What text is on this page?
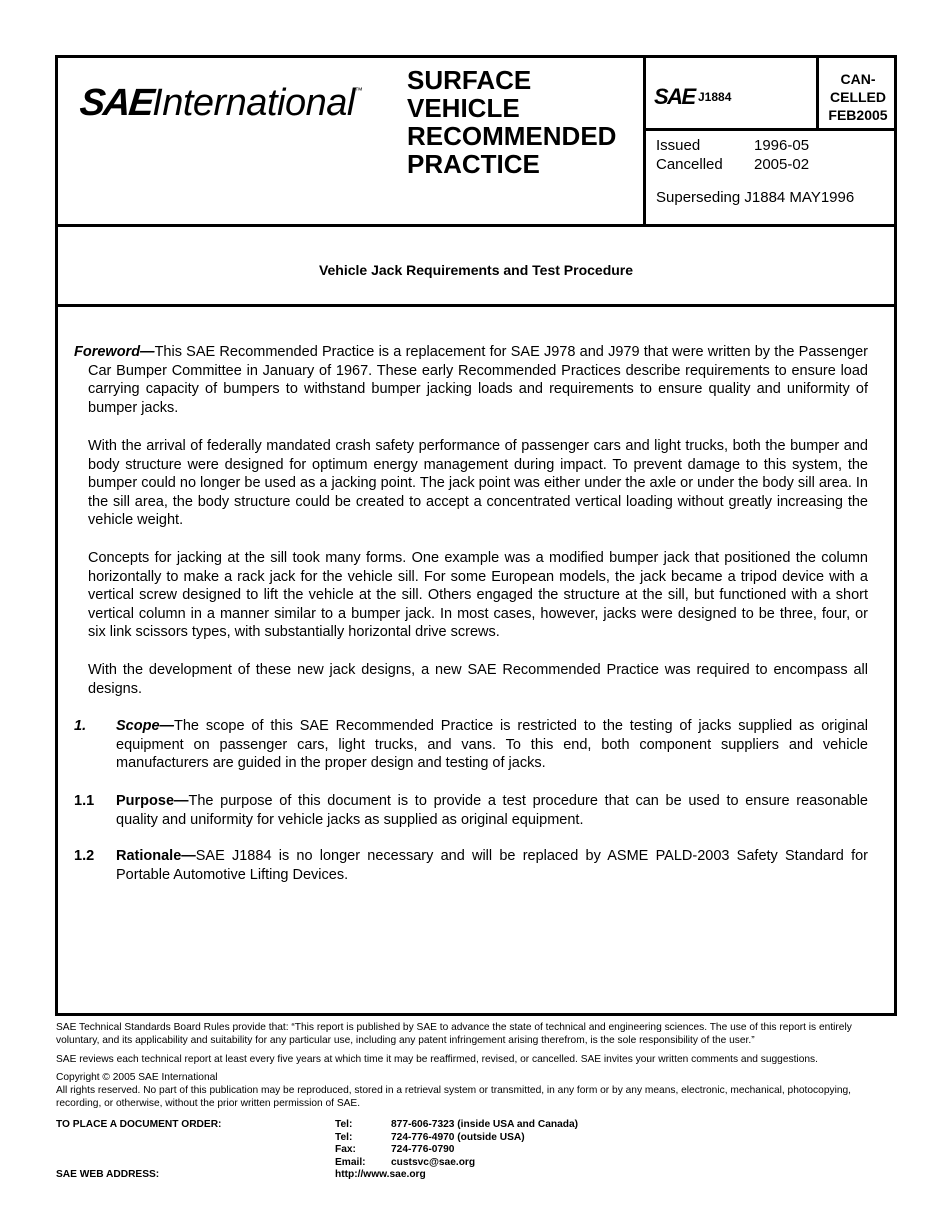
SAEInternational™ SURFACE
VEHICLE
RECOMMENDED
PRACTICE
SAE J1884
CAN-
CELLED
FEB2005
Issued	1996-05
Cancelled 2005-02
Superseding J1884 MAY1996
Vehicle Jack Requirements and Test Procedure
Foreword—This SAE Recommended Practice is a replacement for SAE J978 and J979 that were written by the Passenger Car Bumper Committee in January of 1967. These early Recommended Practices describe requirements to ensure load carrying capacity of bumpers to withstand bumper jacking loads and requirements to ensure quality and uniformity of bumper jacks.
With the arrival of federally mandated crash safety performance of passenger cars and light trucks, both the bumper and body structure were designed for optimum energy management during impact. To prevent damage to this system, the bumper could no longer be used as a jacking point. The jack point was either under the axle or under the body sill area. In the sill area, the body structure could be created to accept a concentrated vertical loading without greatly increasing the vehicle weight.
Concepts for jacking at the sill took many forms. One example was a modified bumper jack that positioned the column horizontally to make a rack jack for the vehicle sill. For some European models, the jack became a tripod device with a vertical screw designed to lift the vehicle at the sill. Others engaged the structure at the sill, but functioned with a short vertical column in a manner similar to a bumper jack. In most cases, however, jacks were designed to be three, four, or six link scissors types, with substantially horizontal drive screws.
With the development of these new jack designs, a new SAE Recommended Practice was required to encompass all designs.
1. Scope—The scope of this SAE Recommended Practice is restricted to the testing of jacks supplied as original equipment on passenger cars, light trucks, and vans. To this end, both component suppliers and vehicle manufacturers are guided in the proper design and testing of jacks.
1.1 Purpose—The purpose of this document is to provide a test procedure that can be used to ensure reasonable quality and uniformity for vehicle jacks as supplied as original equipment.
1.2 Rationale—SAE J1884 is no longer necessary and will be replaced by ASME PALD-2003 Safety Standard for Portable Automotive Lifting Devices.
SAE Technical Standards Board Rules provide that: “This report is published by SAE to advance the state of technical and engineering sciences. The use of this report is entirely voluntary, and its applicability and suitability for any particular use, including any patent infringement arising therefrom, is the sole responsibility of the user.”
SAE reviews each technical report at least every five years at which time it may be reaffirmed, revised, or cancelled. SAE invites your written comments and suggestions.
Copyright © 2005 SAE International
All rights reserved. No part of this publication may be reproduced, stored in a retrieval system or transmitted, in any form or by any means, electronic, mechanical, photocopying, recording, or otherwise, without the prior written permission of SAE.
TO PLACE A DOCUMENT ORDER:	Tel:	877-606-7323 (inside USA and Canada)
Tel:	724-776-4970 (outside USA)
Fax:	724-776-0790
Email: custsvc@sae.org
SAE WEB ADDRESS:	http://www.sae.org
